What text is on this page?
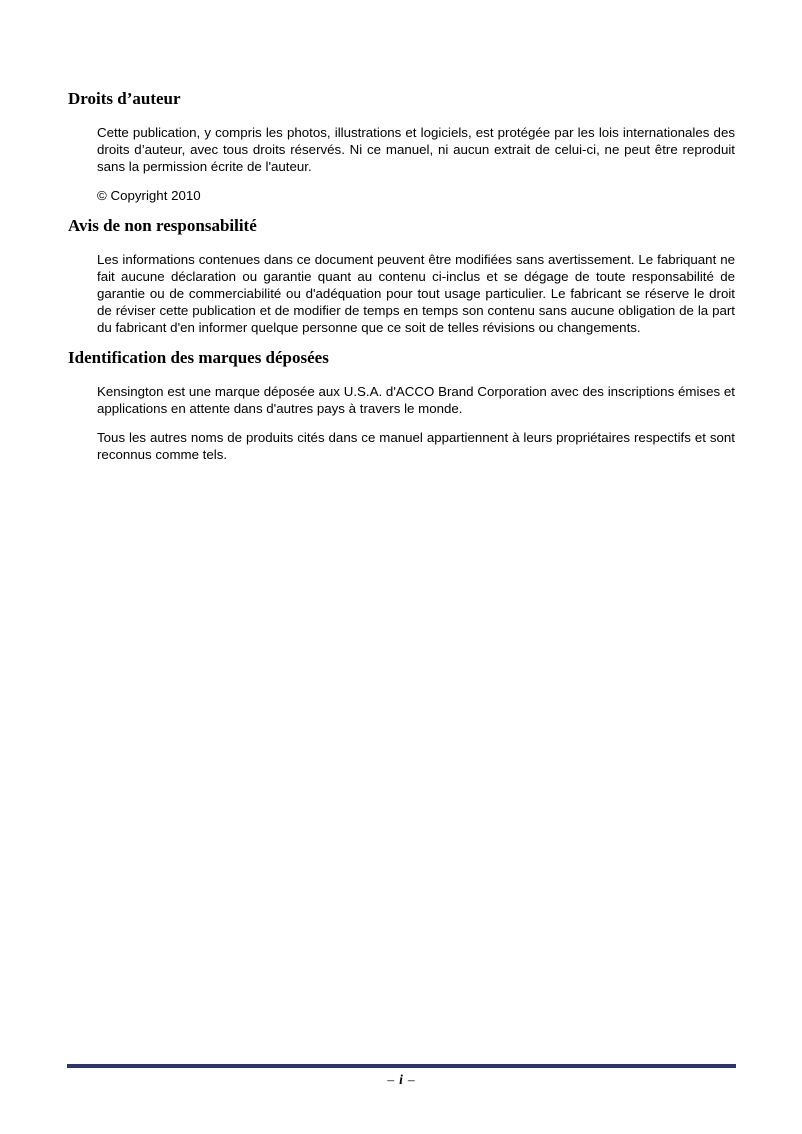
Droits d’auteur

Cette publication, y compris les photos, illustrations et logiciels, est protégée par les lois internationales des droits d’auteur, avec tous droits réservés. Ni ce manuel, ni aucun extrait de celui-ci, ne peut être reproduit sans la permission écrite de l'auteur.

© Copyright 2010

Avis de non responsabilité

Les informations contenues dans ce document peuvent être modifiées sans avertissement. Le fabriquant ne fait aucune déclaration ou garantie quant au contenu ci-inclus et se dégage de toute responsabilité de garantie ou de commerciabilité ou d'adéquation pour tout usage particulier. Le fabricant se réserve le droit de réviser cette publication et de modifier de temps en temps son contenu sans aucune obligation de la part du fabricant d'en informer quelque personne que ce soit de telles révisions ou changements.

Identification des marques déposées

Kensington est une marque déposée aux U.S.A. d'ACCO Brand Corporation avec des inscriptions émises et applications en attente dans d'autres pays à travers le monde.

Tous les autres noms de produits cités dans ce manuel appartiennent à leurs propriétaires respectifs et sont reconnus comme tels.

– i –
